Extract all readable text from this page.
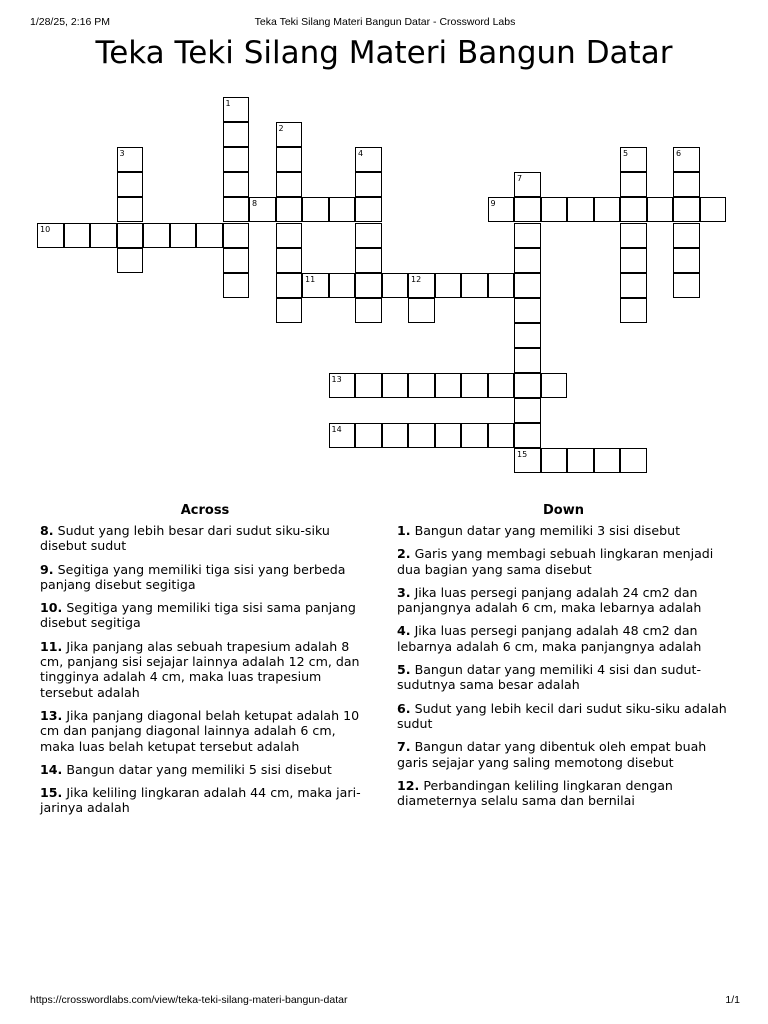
1/28/25, 2:16 PM	Teka Teki Silang Materi Bangun Datar - Crossword Labs
Teka Teki Silang Materi Bangun Datar
1
2
3	4	5	6
7
8	9
10
11	12
13
14
15
Across	Down
8. Sudut yang lebih besar dari sudut siku-siku disebut sudut
9. Segitiga yang memiliki tiga sisi yang berbeda panjang disebut segitiga
10. Segitiga yang memiliki tiga sisi sama panjang disebut segitiga
11. Jika panjang alas sebuah trapesium adalah 8 cm, panjang sisi sejajar lainnya adalah 12 cm, dan tingginya adalah 4 cm, maka luas trapesium tersebut adalah
13. Jika panjang diagonal belah ketupat adalah 10 cm dan panjang diagonal lainnya adalah 6 cm, maka luas belah ketupat tersebut adalah
14. Bangun datar yang memiliki 5 sisi disebut
15. Jika keliling lingkaran adalah 44 cm, maka jari-jarinya adalah
1. Bangun datar yang memiliki 3 sisi disebut
2. Garis yang membagi sebuah lingkaran menjadi dua bagian yang sama disebut
3. Jika luas persegi panjang adalah 24 cm2 dan panjangnya adalah 6 cm, maka lebarnya adalah
4. Jika luas persegi panjang adalah 48 cm2 dan lebarnya adalah 6 cm, maka panjangnya adalah
5. Bangun datar yang memiliki 4 sisi dan sudut-sudutnya sama besar adalah
6. Sudut yang lebih kecil dari sudut siku-siku adalah sudut
7. Bangun datar yang dibentuk oleh empat buah garis sejajar yang saling memotong disebut
12. Perbandingan keliling lingkaran dengan diameternya selalu sama dan bernilai
https://crosswordlabs.com/view/teka-teki-silang-materi-bangun-datar	1/1
